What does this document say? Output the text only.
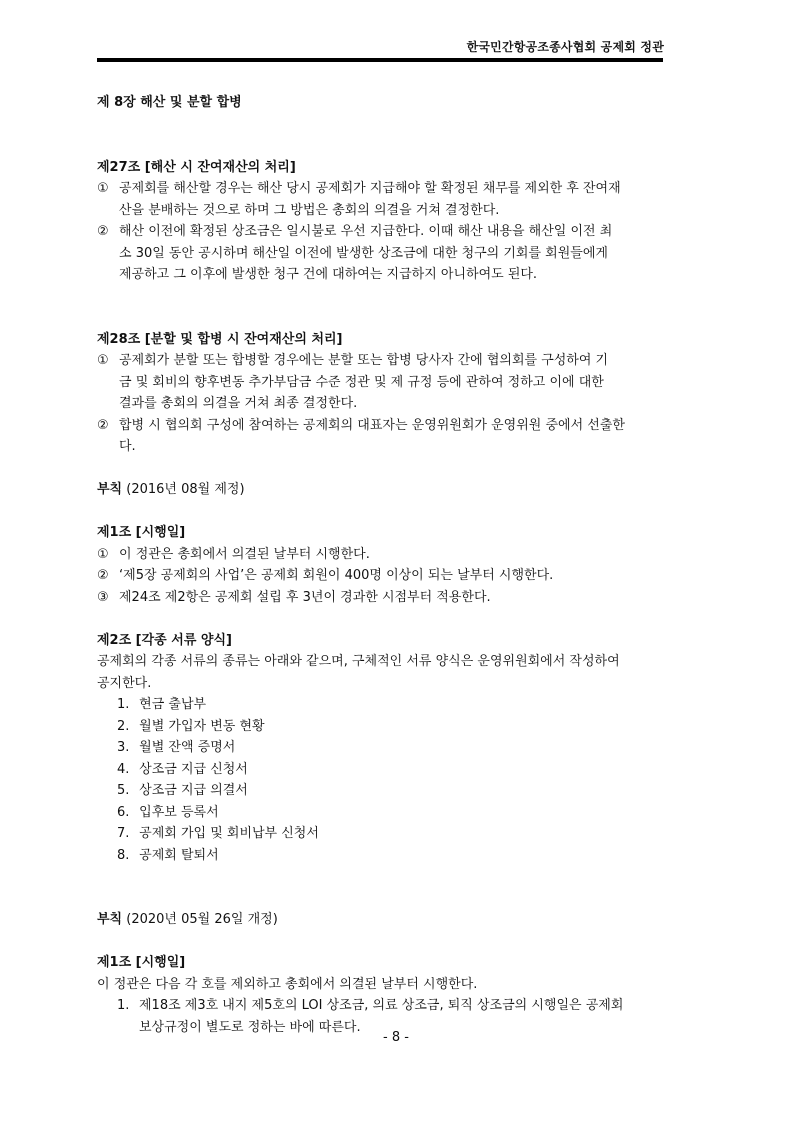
한국민간항공조종사협회 공제회 정관
제 8장 해산 및 분할 합병
제27조 [해산 시 잔여재산의 처리]
① 공제회를 해산할 경우는 해산 당시 공제회가 지급해야 할 확정된 채무를 제외한 후 잔여재
산을 분배하는 것으로 하며 그 방법은 총회의 의결을 거쳐 결정한다.
② 해산 이전에 확정된 상조금은 일시불로 우선 지급한다. 이때 해산 내용을 해산일 이전 최
소 30일 동안 공시하며 해산일 이전에 발생한 상조금에 대한 청구의 기회를 회원들에게
제공하고 그 이후에 발생한 청구 건에 대하여는 지급하지 아니하여도 된다.
제28조 [분할 및 합병 시 잔여재산의 처리]
① 공제회가 분할 또는 합병할 경우에는 분할 또는 합병 당사자 간에 협의회를 구성하여 기
금 및 회비의 향후변동 추가부담금 수준 정관 및 제 규정 등에 관하여 정하고 이에 대한
결과를 총회의 의결을 거쳐 최종 결정한다.
② 합병 시 협의회 구성에 참여하는 공제회의 대표자는 운영위원회가 운영위원 중에서 선출한
다.
부칙 (2016년 08월 제정)
제1조 [시행일]
① 이 정관은 총회에서 의결된 날부터 시행한다.
② ‘제5장 공제회의 사업’은 공제회 회원이 400명 이상이 되는 날부터 시행한다.
③ 제24조 제2항은 공제회 설립 후 3년이 경과한 시점부터 적용한다.
제2조 [각종 서류 양식]
공제회의 각종 서류의 종류는 아래와 같으며, 구체적인 서류 양식은 운영위원회에서 작성하여
공지한다.
1. 현금 출납부
2. 월별 가입자 변동 현황
3. 월별 잔액 증명서
4. 상조금 지급 신청서
5. 상조금 지급 의결서
6. 입후보 등록서
7. 공제회 가입 및 회비납부 신청서
8. 공제회 탈퇴서
부칙 (2020년 05월 26일 개정)
제1조 [시행일]
이 정관은 다음 각 호를 제외하고 총회에서 의결된 날부터 시행한다.
1. 제18조 제3호 내지 제5호의 LOI 상조금, 의료 상조금, 퇴직 상조금의 시행일은 공제회
보상규정이 별도로 정하는 바에 따른다.
- 8 -
